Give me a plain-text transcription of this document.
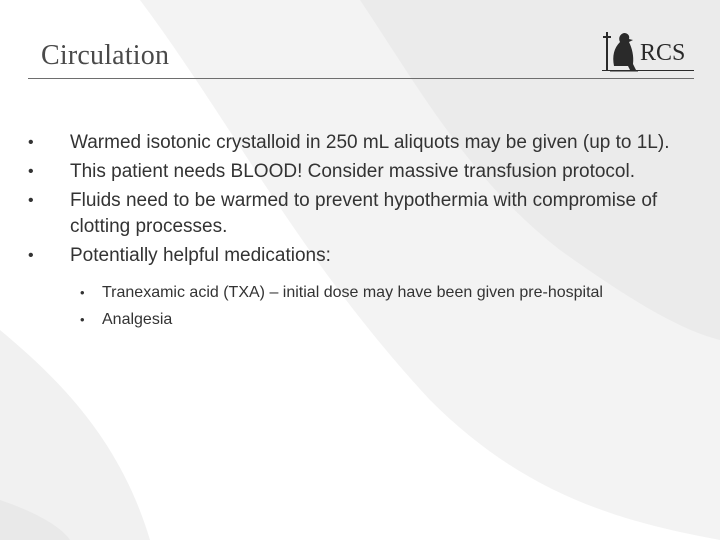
Circulation	RCS
•	Warmed isotonic crystalloid in 250 mL aliquots may be given (up to 1L).
•	This patient needs BLOOD! Consider massive transfusion protocol.
•	Fluids need to be warmed to prevent hypothermia with compromise of clotting processes.
•	Potentially helpful medications:
•	Tranexamic acid (TXA) – initial dose may have been given pre-hospital
•	Analgesia
